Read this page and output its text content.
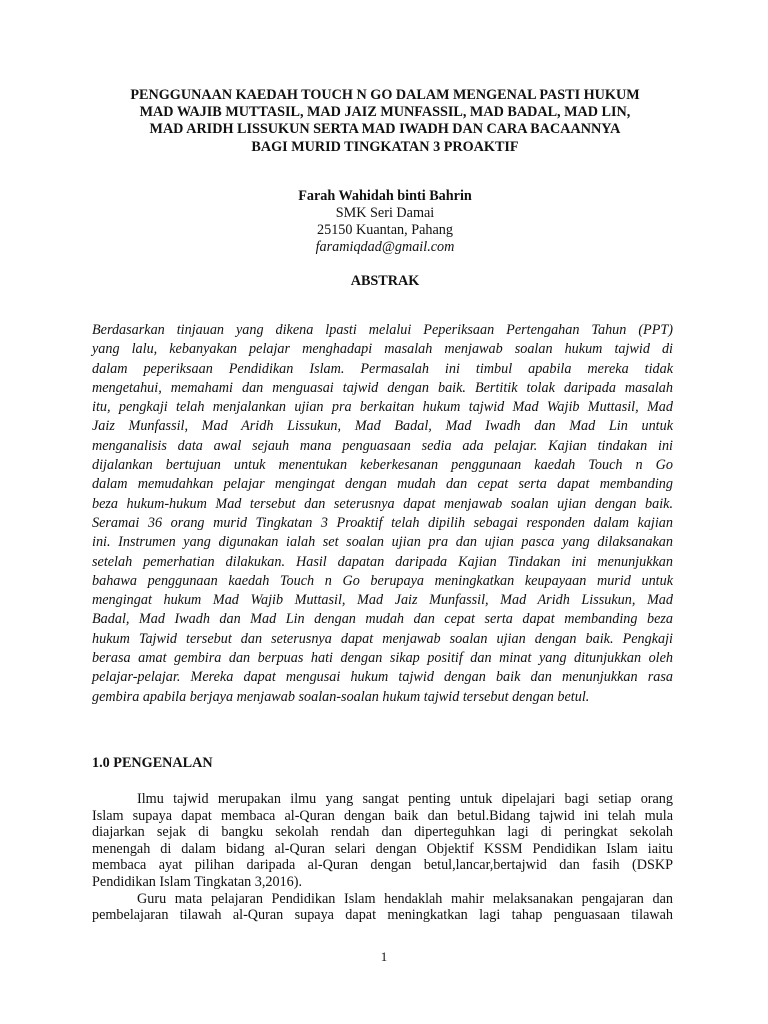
PENGGUNAAN KAEDAH TOUCH N GO DALAM MENGENAL PASTI HUKUM
MAD WAJIB MUTTASIL, MAD JAIZ MUNFASSIL, MAD BADAL, MAD LIN,
MAD ARIDH LISSUKUN SERTA MAD IWADH DAN CARA BACAANNYA
BAGI MURID TINGKATAN 3 PROAKTIF
Farah Wahidah binti Bahrin
SMK Seri Damai
25150 Kuantan, Pahang
faramiqdad@gmail.com
ABSTRAK
Berdasarkan tinjauan yang dikena lpasti melalui Peperiksaan Pertengahan Tahun (PPT)
yang lalu, kebanyakan pelajar menghadapi masalah menjawab soalan hukum tajwid di
dalam peperiksaan Pendidikan Islam. Permasalah ini timbul apabila mereka tidak
mengetahui, memahami dan menguasai tajwid dengan baik. Bertitik tolak daripada masalah
itu, pengkaji telah menjalankan ujian pra berkaitan hukum tajwid Mad Wajib Muttasil, Mad
Jaiz Munfassil, Mad Aridh Lissukun, Mad Badal, Mad Iwadh dan Mad Lin untuk
menganalisis data awal sejauh mana penguasaan sedia ada pelajar. Kajian tindakan ini
dijalankan bertujuan untuk menentukan keberkesanan penggunaan kaedah Touch n Go
dalam memudahkan pelajar mengingat dengan mudah dan cepat serta dapat membanding
beza hukum-hukum Mad tersebut dan seterusnya dapat menjawab soalan ujian dengan baik.
Seramai 36 orang murid Tingkatan 3 Proaktif telah dipilih sebagai responden dalam kajian
ini. Instrumen yang digunakan ialah set soalan ujian pra dan ujian pasca yang dilaksanakan
setelah pemerhatian dilakukan. Hasil dapatan daripada Kajian Tindakan ini menunjukkan
bahawa penggunaan kaedah Touch n Go berupaya meningkatkan keupayaan murid untuk
mengingat hukum Mad Wajib Muttasil, Mad Jaiz Munfassil, Mad Aridh Lissukun, Mad
Badal, Mad Iwadh dan Mad Lin dengan mudah dan cepat serta dapat membanding beza
hukum Tajwid tersebut dan seterusnya dapat menjawab soalan ujian dengan baik. Pengkaji
berasa amat gembira dan berpuas hati dengan sikap positif dan minat yang ditunjukkan oleh
pelajar-pelajar. Mereka dapat mengusai hukum tajwid dengan baik dan menunjukkan rasa
gembira apabila berjaya menjawab soalan-soalan hukum tajwid tersebut dengan betul.
1.0 PENGENALAN
Ilmu tajwid merupakan ilmu yang sangat penting untuk dipelajari bagi setiap orang
Islam supaya dapat membaca al-Quran dengan baik dan betul.Bidang tajwid ini telah mula
diajarkan sejak di bangku sekolah rendah dan diperteguhkan lagi di peringkat sekolah
menengah di dalam bidang al-Quran selari dengan Objektif KSSM Pendidikan Islam iaitu
membaca ayat pilihan daripada al-Quran dengan betul,lancar,bertajwid dan fasih (DSKP
Pendidikan Islam Tingkatan 3,2016).
Guru mata pelajaran Pendidikan Islam hendaklah mahir melaksanakan pengajaran dan
pembelajaran tilawah al-Quran supaya dapat meningkatkan lagi tahap penguasaan tilawah
1
